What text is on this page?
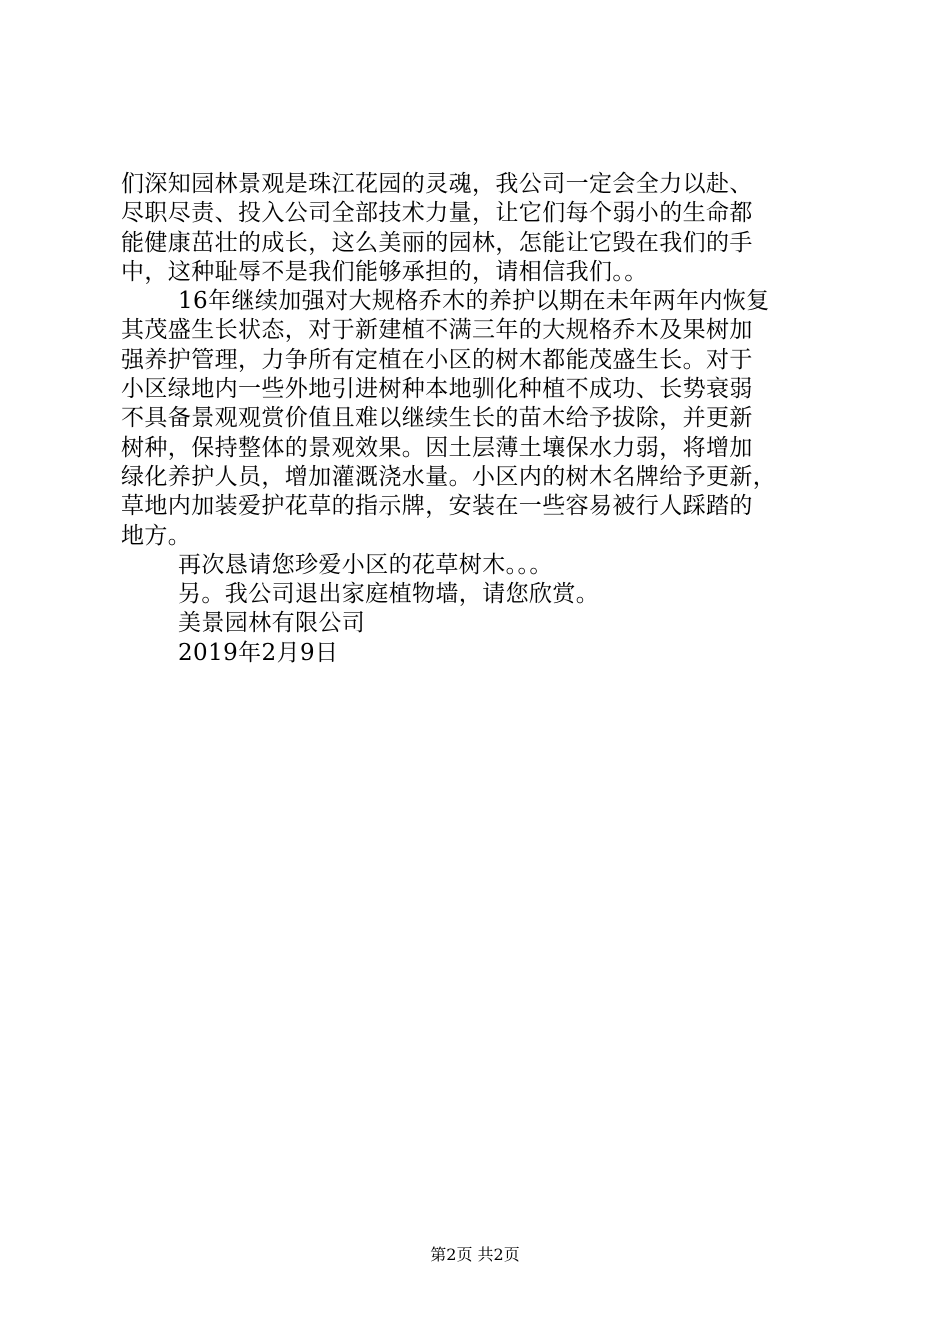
们深知园林景观是珠江花园的灵魂，我公司一定会全力以赴、
尽职尽责、投入公司全部技术力量，让它们每个弱小的生命都
能健康茁壮的成长，这么美丽的园林，怎能让它毁在我们的手
中，这种耻辱不是我们能够承担的，请相信我们。。
16年继续加强对大规格乔木的养护以期在未年两年内恢复
其茂盛生长状态，对于新建植不满三年的大规格乔木及果树加
强养护管理，力争所有定植在小区的树木都能茂盛生长。对于
小区绿地内一些外地引进树种本地驯化种植不成功、长势衰弱
不具备景观观赏价值且难以继续生长的苗木给予拔除，并更新
树种，保持整体的景观效果。因土层薄土壤保水力弱，将增加
绿化养护人员，增加灌溉浇水量。小区内的树木名牌给予更新，
草地内加装爱护花草的指示牌，安装在一些容易被行人踩踏的
地方。
再次恳请您珍爱小区的花草树木。。。
另。我公司退出家庭植物墙，请您欣赏。
美景园林有限公司
2019年2月9日
第2页 共2页
